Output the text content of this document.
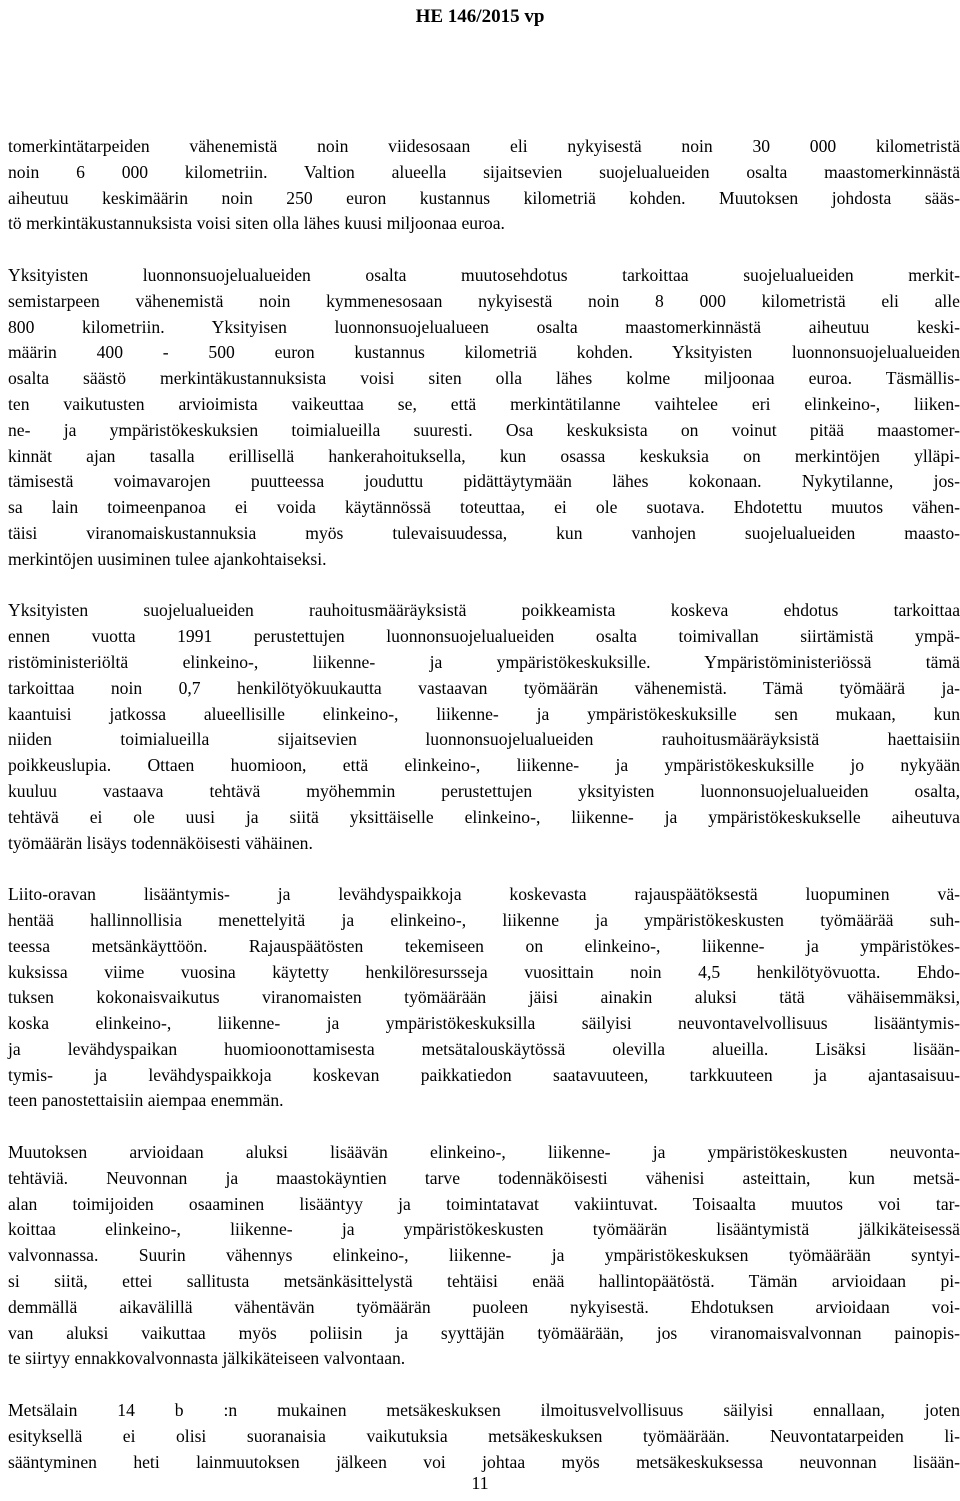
HE 146/2015 vp
tomerkintätarpeiden vähenemistä noin viidesosaan eli nykyisestä noin 30 000 kilometristä
noin 6 000 kilometriin. Valtion alueella sijaitsevien suojelualueiden osalta maastomerkinnästä
aiheutuu keskimäärin noin 250 euron kustannus kilometriä kohden. Muutoksen johdosta sääs-
tö merkintäkustannuksista voisi siten olla lähes kuusi miljoonaa euroa.
Yksityisten luonnonsuojelualueiden osalta muutosehdotus tarkoittaa suojelualueiden merkit-
semistarpeen vähenemistä noin kymmenesosaan nykyisestä noin 8 000 kilometristä eli alle
800 kilometriin. Yksityisen luonnonsuojelualueen osalta maastomerkinnästä aiheutuu keski-
määrin 400 - 500 euron kustannus kilometriä kohden. Yksityisten luonnonsuojelualueiden
osalta säästö merkintäkustannuksista voisi siten olla lähes kolme miljoonaa euroa. Täsmällis-
ten vaikutusten arvioimista vaikeuttaa se, että merkintätilanne vaihtelee eri elinkeino-, liiken-
ne- ja ympäristökeskuksien toimialueilla suuresti. Osa keskuksista on voinut pitää maastomer-
kinnät ajan tasalla erillisellä hankerahoituksella, kun osassa keskuksia on merkintöjen ylläpi-
tämisestä voimavarojen puutteessa jouduttu pidättäytymään lähes kokonaan. Nykytilanne, jos-
sa lain toimeenpanoa ei voida käytännössä toteuttaa, ei ole suotava. Ehdotettu muutos vähen-
täisi viranomaiskustannuksia myös tulevaisuudessa, kun vanhojen suojelualueiden maasto-
merkintöjen uusiminen tulee ajankohtaiseksi.
Yksityisten suojelualueiden rauhoitusmääräyksistä poikkeamista koskeva ehdotus tarkoittaa
ennen vuotta 1991 perustettujen luonnonsuojelualueiden osalta toimivallan siirtämistä ympä-
ristöministeriöltä elinkeino-, liikenne- ja ympäristökeskuksille. Ympäristöministeriössä tämä
tarkoittaa noin 0,7 henkilötyökuukautta vastaavan työmäärän vähenemistä. Tämä työmäärä ja-
kaantuisi jatkossa alueellisille elinkeino-, liikenne- ja ympäristökeskuksille sen mukaan, kun
niiden toimialueilla sijaitsevien luonnonsuojelualueiden rauhoitusmääräyksistä haettaisiin
poikkeuslupia. Ottaen huomioon, että elinkeino-, liikenne- ja ympäristökeskuksille jo nykyään
kuuluu vastaava tehtävä myöhemmin perustettujen yksityisten luonnonsuojelualueiden osalta,
tehtävä ei ole uusi ja siitä yksittäiselle elinkeino-, liikenne- ja ympäristökeskukselle aiheutuva
työmäärän lisäys todennäköisesti vähäinen.
Liito-oravan lisääntymis- ja levähdyspaikkoja koskevasta rajauspäätöksestä luopuminen vä-
hentää hallinnollisia menettelyitä ja elinkeino-, liikenne ja ympäristökeskusten työmäärää suh-
teessa metsänkäyttöön. Rajauspäätösten tekemiseen on elinkeino-, liikenne- ja ympäristökes-
kuksissa viime vuosina käytetty henkilöresursseja vuosittain noin 4,5 henkilötyövuotta. Ehdo-
tuksen kokonaisvaikutus viranomaisten työmäärään jäisi ainakin aluksi tätä vähäisemmäksi,
koska elinkeino-, liikenne- ja ympäristökeskuksilla säilyisi neuvontavelvollisuus lisääntymis-
ja levähdyspaikan huomioonottamisesta metsätalouskäytössä olevilla alueilla. Lisäksi lisään-
tymis- ja levähdyspaikkoja koskevan paikkatiedon saatavuuteen, tarkkuuteen ja ajantasaisuu-
teen panostettaisiin aiempaa enemmän.
Muutoksen arvioidaan aluksi lisäävän elinkeino-, liikenne- ja ympäristökeskusten neuvonta-
tehtäviä. Neuvonnan ja maastokäyntien tarve todennäköisesti vähenisi asteittain, kun metsä-
alan toimijoiden osaaminen lisääntyy ja toimintatavat vakiintuvat. Toisaalta muutos voi tar-
koittaa elinkeino-, liikenne- ja ympäristökeskusten työmäärän lisääntymistä jälkikäteisessä
valvonnassa. Suurin vähennys elinkeino-, liikenne- ja ympäristökeskuksen työmäärään syntyi-
si siitä, ettei sallitusta metsänkäsittelystä tehtäisi enää hallintopäätöstä. Tämän arvioidaan pi-
demmällä aikavälillä vähentävän työmäärän puoleen nykyisestä. Ehdotuksen arvioidaan voi-
van aluksi vaikuttaa myös poliisin ja syyttäjän työmäärään, jos viranomaisvalvonnan painopis-
te siirtyy ennakkovalvonnasta jälkikäteiseen valvontaan.
Metsälain 14 b :n mukainen metsäkeskuksen ilmoitusvelvollisuus säilyisi ennallaan, joten
esityksellä ei olisi suoranaisia vaikutuksia metsäkeskuksen työmäärään. Neuvontatarpeiden li-
sääntyminen heti lainmuutoksen jälkeen voi johtaa myös metsäkeskuksessa neuvonnan lisään-
11
